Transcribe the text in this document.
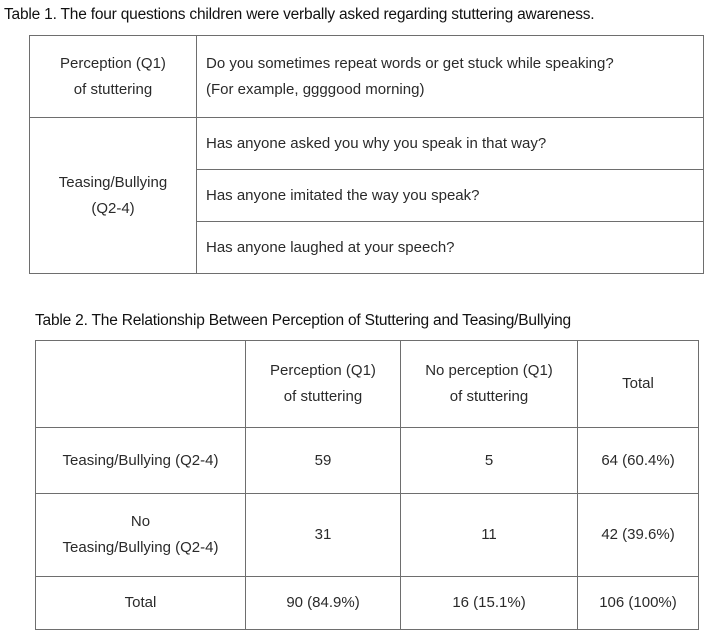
Table 1. The four questions children were verbally asked regarding stuttering awareness.
Perception (Q1)
of stuttering	Do you sometimes repeat words or get stuck while speaking?
(For example, ggggood morning)

Teasing/Bullying
(Q2-4)	Has anyone asked you why you speak in that way?
	Has anyone imitated the way you speak?
	Has anyone laughed at your speech?
Table 2. The Relationship Between Perception of Stuttering and Teasing/Bullying

	Perception (Q1)
of stuttering	No perception (Q1)
of stuttering	Total
Teasing/Bullying (Q2-4)	59	5	64 (60.4%)

No
Teasing/Bullying (Q2-4)	31	11	42 (39.6%)
Total	90 (84.9%)	16 (15.1%)	106 (100%)
